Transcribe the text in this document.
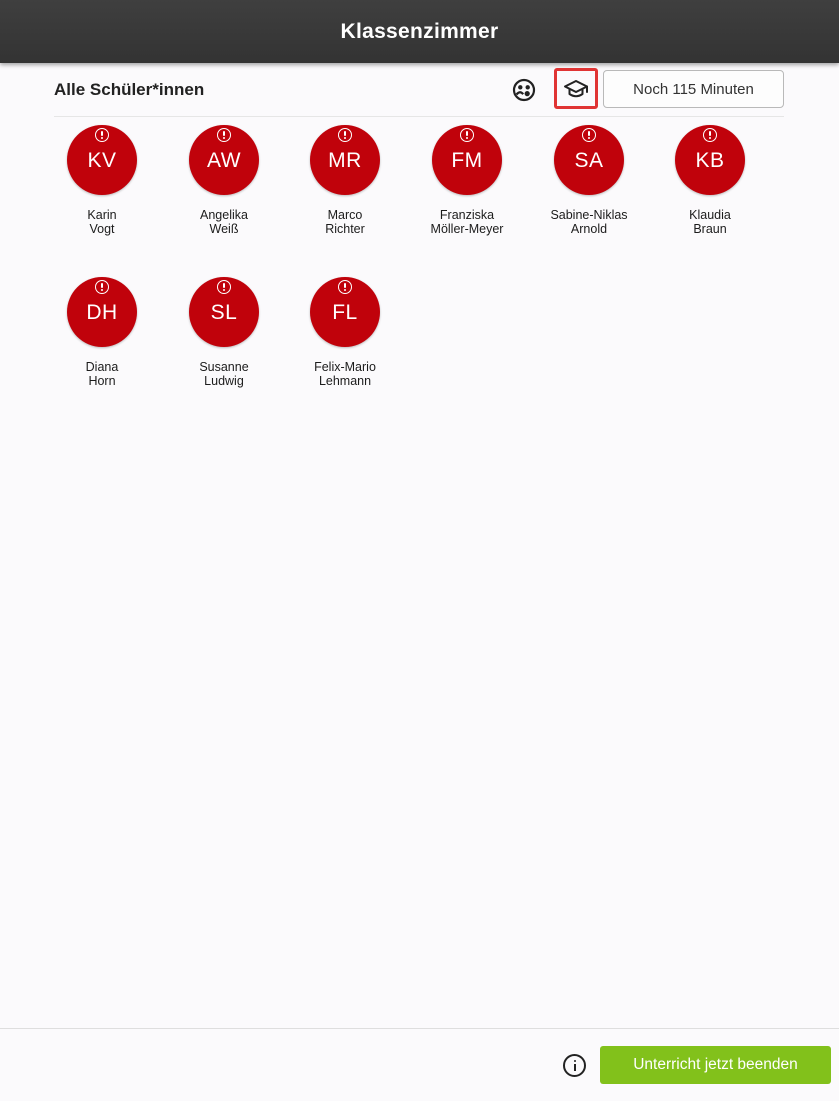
Klassenzimmer
Alle Schüler*innen	Noch 115 Minuten
KV
Karin
Vogt
AW
Angelika
Weiß
MR
Marco
Richter
FM
Franziska
Möller-Meyer
SA
Sabine-Niklas
Arnold
KB
Klaudia
Braun
DH
Diana
Horn
SL
Susanne
Ludwig
FL
Felix-Mario
Lehmann
Unterricht jetzt beenden
